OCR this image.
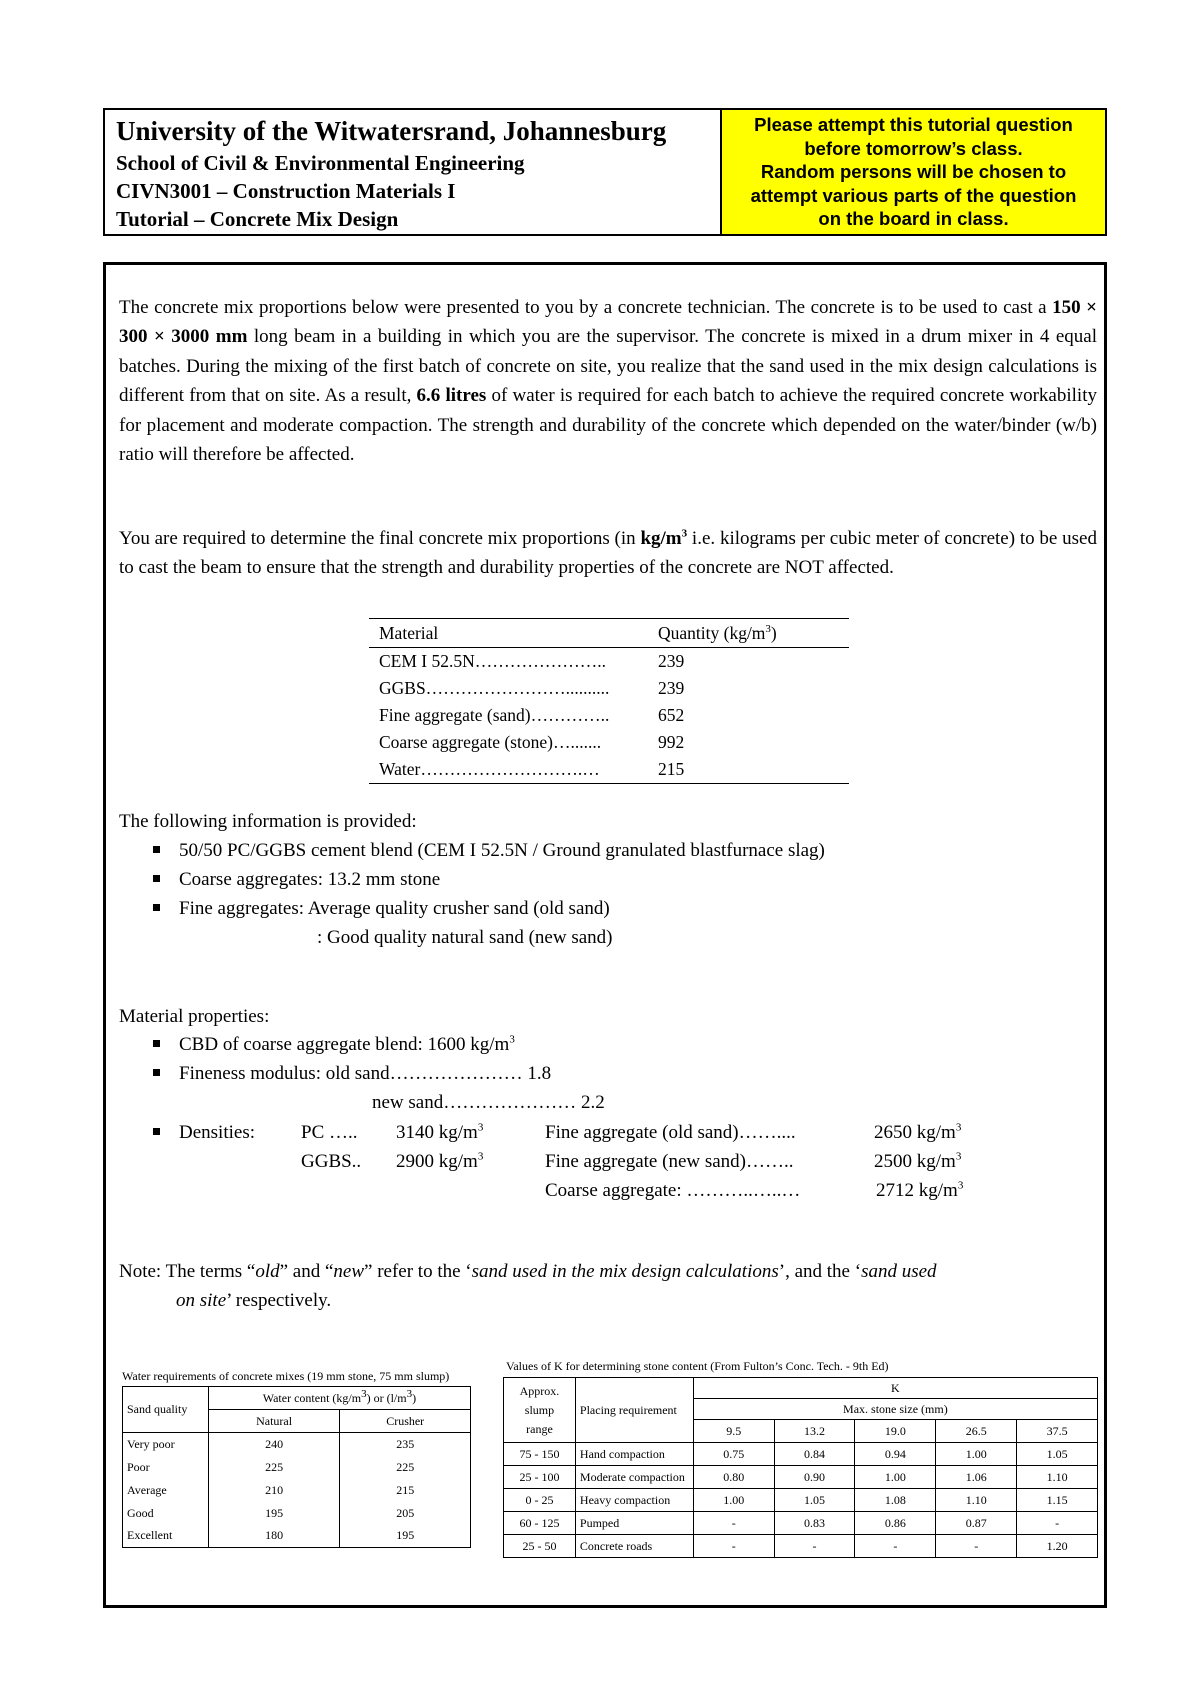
University of the Witwatersrand, Johannesburg
School of Civil & Environmental Engineering
CIVN3001 – Construction Materials I
Tutorial – Concrete Mix Design
Please attempt this tutorial question
before tomorrow’s class.
Random persons will be chosen to
attempt various parts of the question
on the board in class.

The concrete mix proportions below were presented to you by a concrete technician. The concrete is to be used to cast a 150 × 300 × 3000 mm long beam in a building in which you are the supervisor. The concrete is mixed in a drum mixer in 4 equal batches. During the mixing of the first batch of concrete on site, you realize that the sand used in the mix design calculations is different from that on site. As a result, 6.6 litres of water is required for each batch to achieve the required concrete workability for placement and moderate compaction. The strength and durability of the concrete which depended on the water/binder (w/b) ratio will therefore be affected.

You are required to determine the final concrete mix proportions (in $kg/m^3$ i.e. kilograms per cubic meter of concrete) to be used to cast the beam to ensure that the strength and durability properties of the concrete are NOT affected.

Material	Quantity $(kg/m^3)$
CEM I 52.5N…………………..	239
GGBS……………………..........	239
Fine aggregate (sand)…………..	652
Coarse aggregate (stone)….......	992
Water……………………….…	215
The following information is provided:
50/50 PC/GGBS cement blend (CEM I 52.5N / Ground granulated blastfurnace slag)
Coarse aggregates: 13.2 mm stone
Fine aggregates: Average quality crusher sand (old sand)
: Good quality natural sand (new sand)
Material properties:
CBD of coarse aggregate blend: 1600 $kg/m^3$
Fineness modulus: old sand………………… 1.8
new sand………………… 2.2
Densities: PC ….. 3140 $kg/m^3$	Fine aggregate (old sand)……....	2650 $kg/m^3$
GGBS.. 2900 $kg/m^3$	Fine aggregate (new sand)……..	2500 $kg/m^3$
Coarse aggregate: ………..…..…	2712 $kg/m^3$
Note: The terms “old” and “new” refer to the ‘sand used in the mix design calculations’, and the ‘sand used
on site’ respectively.
Water requirements of concrete mixes (19 mm stone, 75 mm slump)
Sand quality	Water content $(kg/m^3)$ or $(l/m^3)$	
	Natural	Crusher
Very poor	240	235
Poor	225	225
Average	210	215
Good	195	205
Excellent	180	195
Values of K for determining stone content (From Fulton’s Conc. Tech. - 9th Ed)
Approx.
slump
range	Placing requirement	K				
		Max. stone size (mm)				
		9.5	13.2	19.0	26.5	37.5
75 - 150	Hand compaction	0.75	0.84	0.94	1.00	1.05
25 - 100	Moderate compaction	0.80	0.90	1.00	1.06	1.10
0 - 25	Heavy compaction	1.00	1.05	1.08	1.10	1.15
60 - 125	Pumped	-	0.83	0.86	0.87	-
25 - 50	Concrete roads	-	-	-	-	1.20
